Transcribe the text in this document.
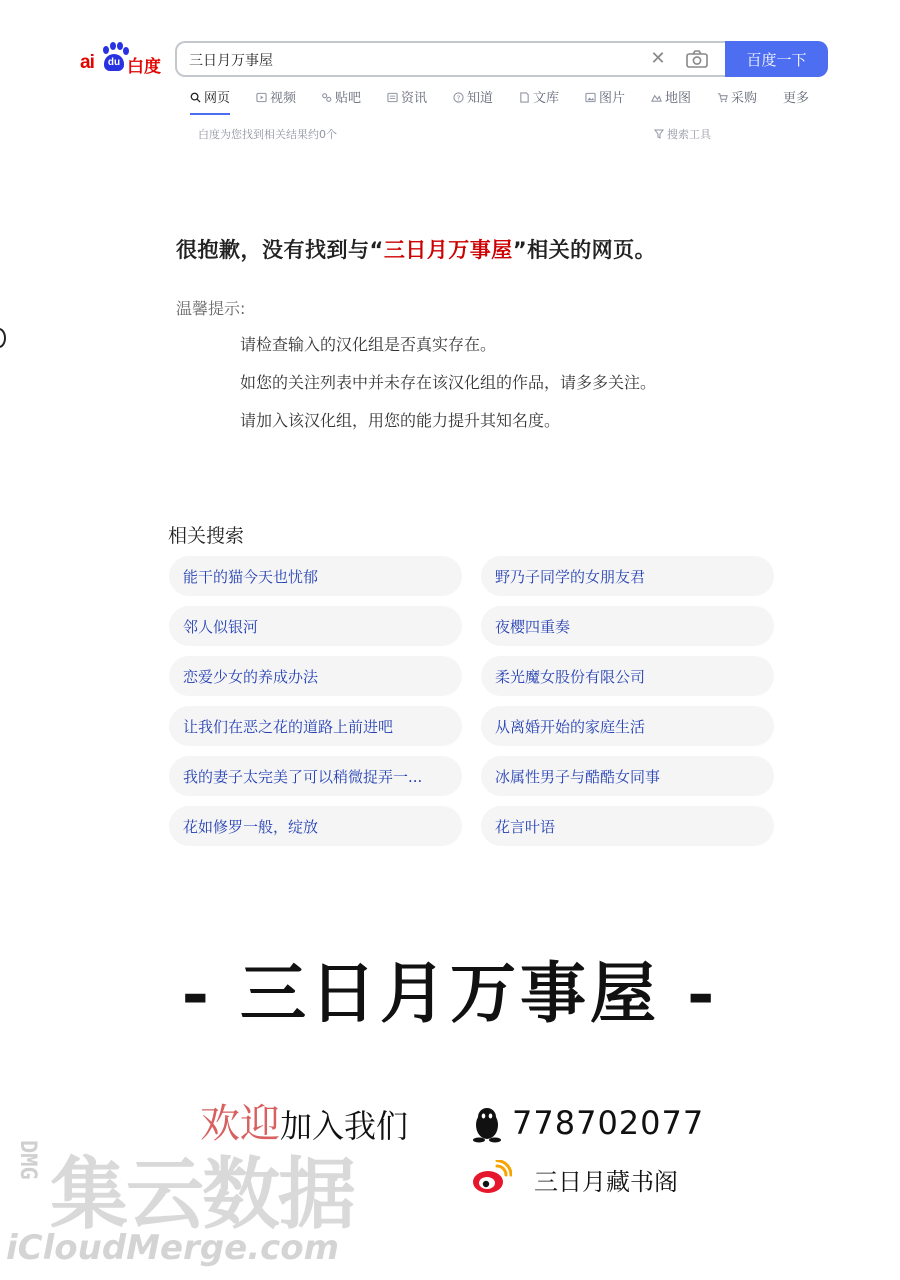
ai	du 白度
三日月万事屋	✕	百度一下
网页	视频	贴吧	资讯	? 知道	文库	图片	地图	采购 更多
白度为您找到相关结果约0个	搜索工具
很抱歉，没有找到与“三日月万事屋”相关的网页。
温馨提示:
请检查输入的汉化组是否真实存在。
如您的关注列表中并未存在该汉化组的作品，请多多关注。
请加入该汉化组，用您的能力提升其知名度。
相关搜索
能干的猫今天也忧郁	野乃子同学的女朋友君
邻人似银河	夜樱四重奏
恋爱少女的养成办法	柔光魔女股份有限公司
让我们在恶之花的道路上前进吧	从离婚开始的家庭生活
我的妻子太完美了可以稍微捉弄一...	冰属性男子与酷酷女同事
花如修罗一般，绽放	花言叶语
- 三日月万事屋 -
欢迎加入我们	778702077
三日月藏书阁
DMG 集云数据
iCloudMerge.com
